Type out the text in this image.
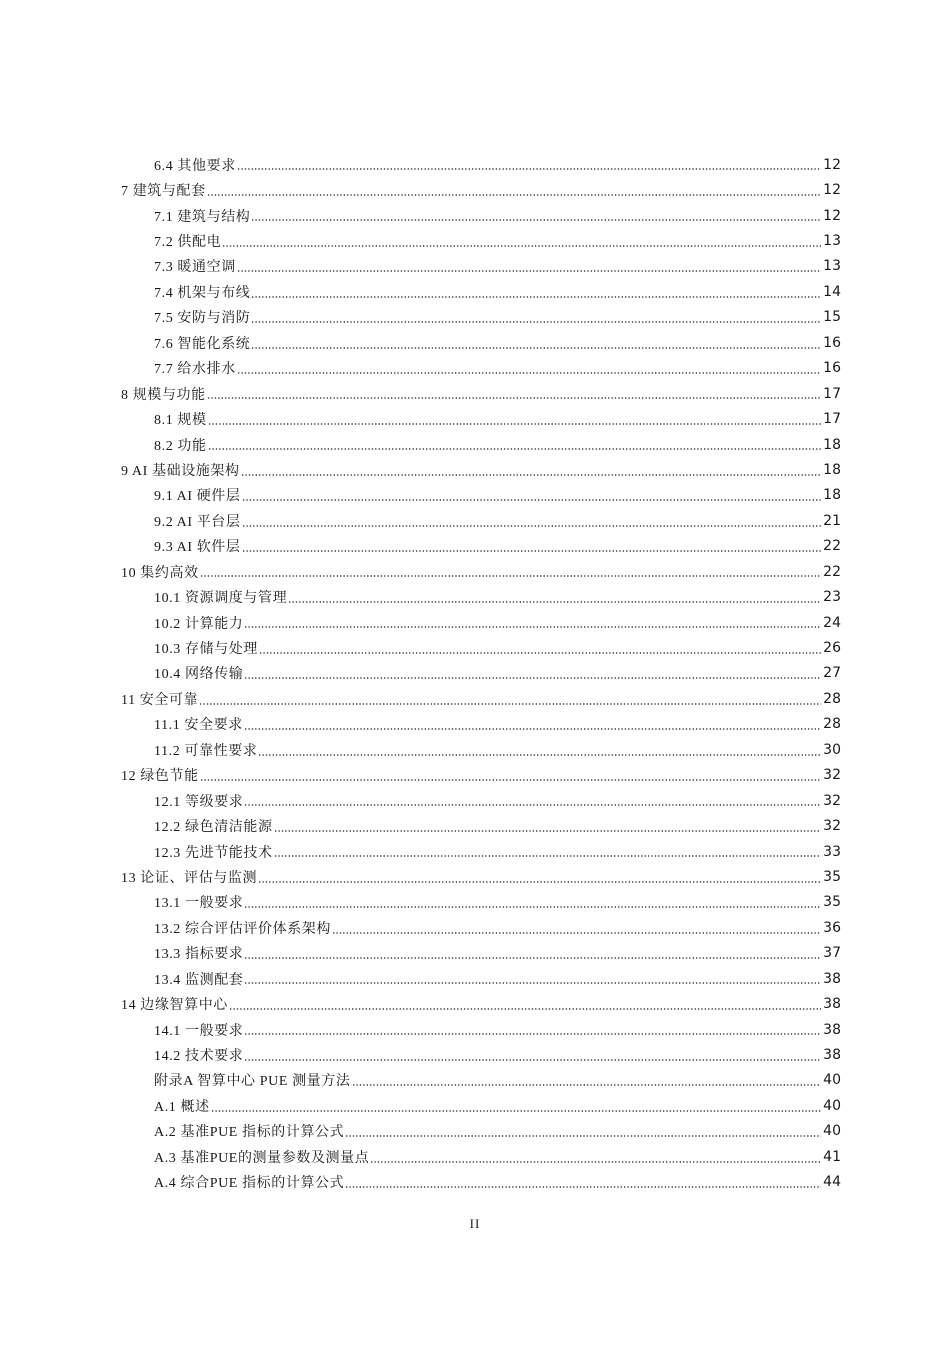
6.4 其他要求	12
7 建筑与配套	12
7.1 建筑与结构	12
7.2 供配电	13
7.3 暖通空调	13
7.4 机架与布线	14
7.5 安防与消防	15
7.6 智能化系统	16
7.7 给水排水	16
8 规模与功能	17
8.1 规模	17
8.2 功能	18
9 AI 基础设施架构	18
9.1 AI 硬件层	18
9.2 AI 平台层	21
9.3 AI 软件层	22
10 集约高效	22
10.1 资源调度与管理	23
10.2 计算能力	24
10.3 存储与处理	26
10.4 网络传输	27
11 安全可靠	28
11.1 安全要求	28
11.2 可靠性要求	30
12 绿色节能	32
12.1 等级要求	32
12.2 绿色清洁能源	32
12.3 先进节能技术	33
13 论证、评估与监测	35
13.1 一般要求	35
13.2 综合评估评价体系架构	36
13.3 指标要求	37
13.4 监测配套	38
14 边缘智算中心	38
14.1 一般要求	38
14.2 技术要求	38
附录A 智算中心 PUE 测量方法	40
A.1 概述	40
A.2 基准PUE 指标的计算公式	40
A.3 基准PUE的测量参数及测量点	41
A.4 综合PUE 指标的计算公式	44
II
